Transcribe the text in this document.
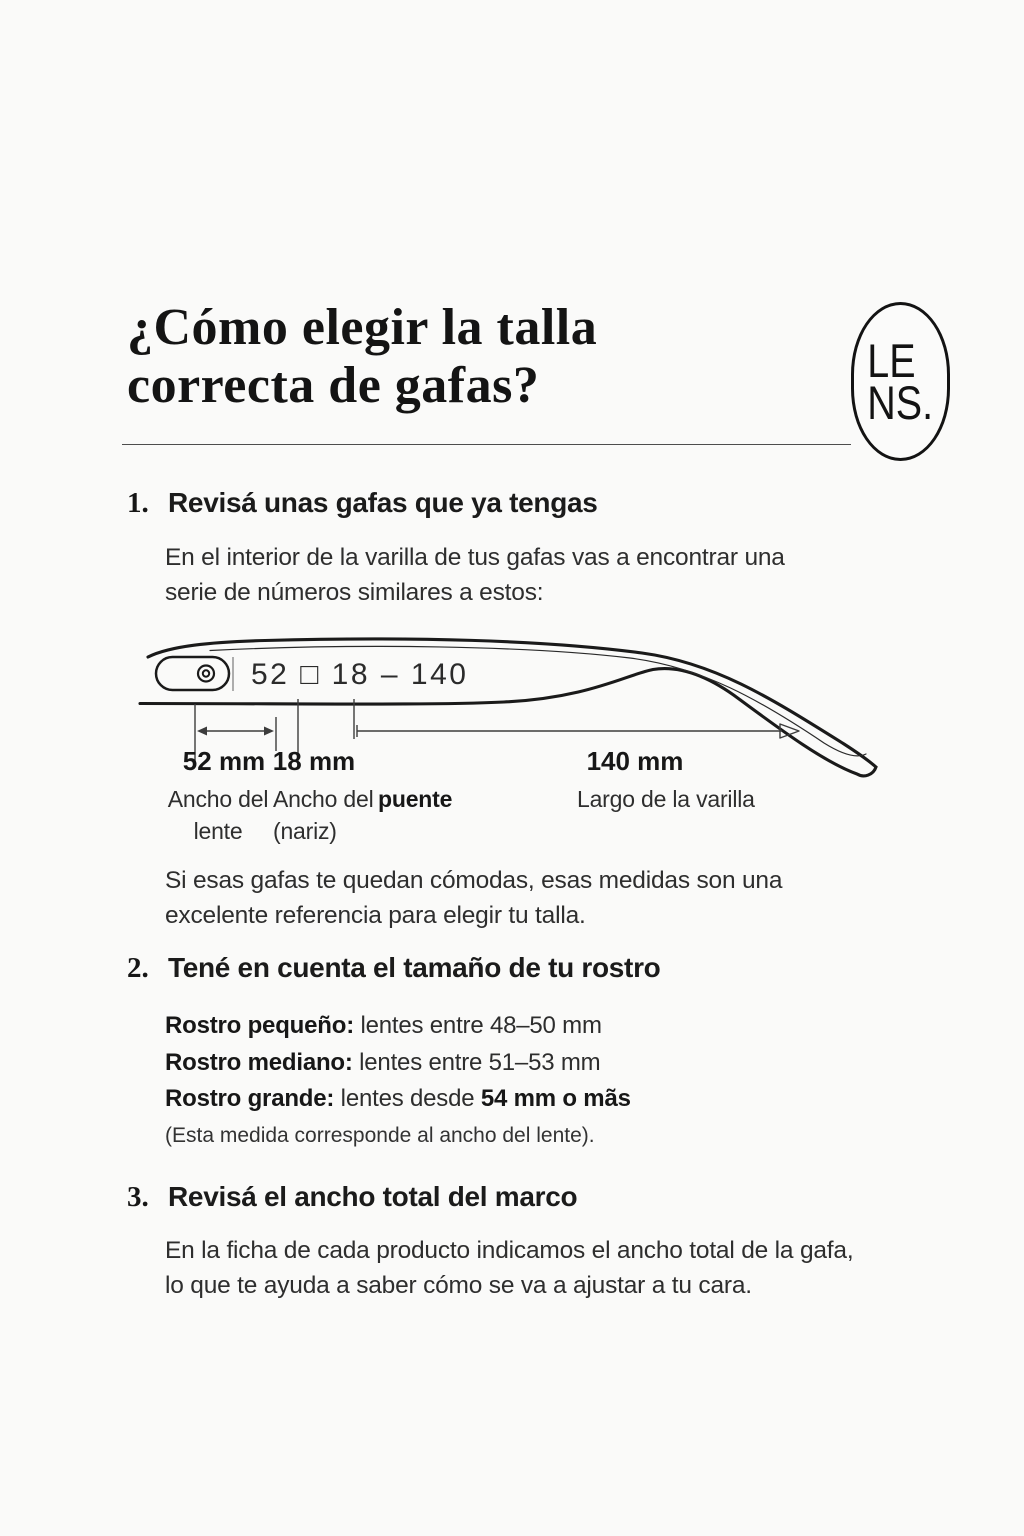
¿Cómo elegir la talla
correcta de gafas?	LE
NS.
1. Revisá unas gafas que ya tengas
En el interior de la varilla de tus gafas vas a encontrar una
serie de números similares a estos:
52 □ 18 – 140
52 mm 18 mm	140 mm
Ancho del
lente
Ancho del puente
(nariz)
Largo de la varilla
Si esas gafas te quedan cómodas, esas medidas son una
excelente referencia para elegir tu talla.
2. Tené en cuenta el tamaño de tu rostro
Rostro pequeño: lentes entre 48–50 mm
Rostro mediano: lentes entre 51–53 mm
Rostro grande: lentes desde 54 mm o mãs
(Esta medida corresponde al ancho del lente).
3. Revisá el ancho total del marco
En la ficha de cada producto indicamos el ancho total de la gafa,
lo que te ayuda a saber cómo se va a ajustar a tu cara.
